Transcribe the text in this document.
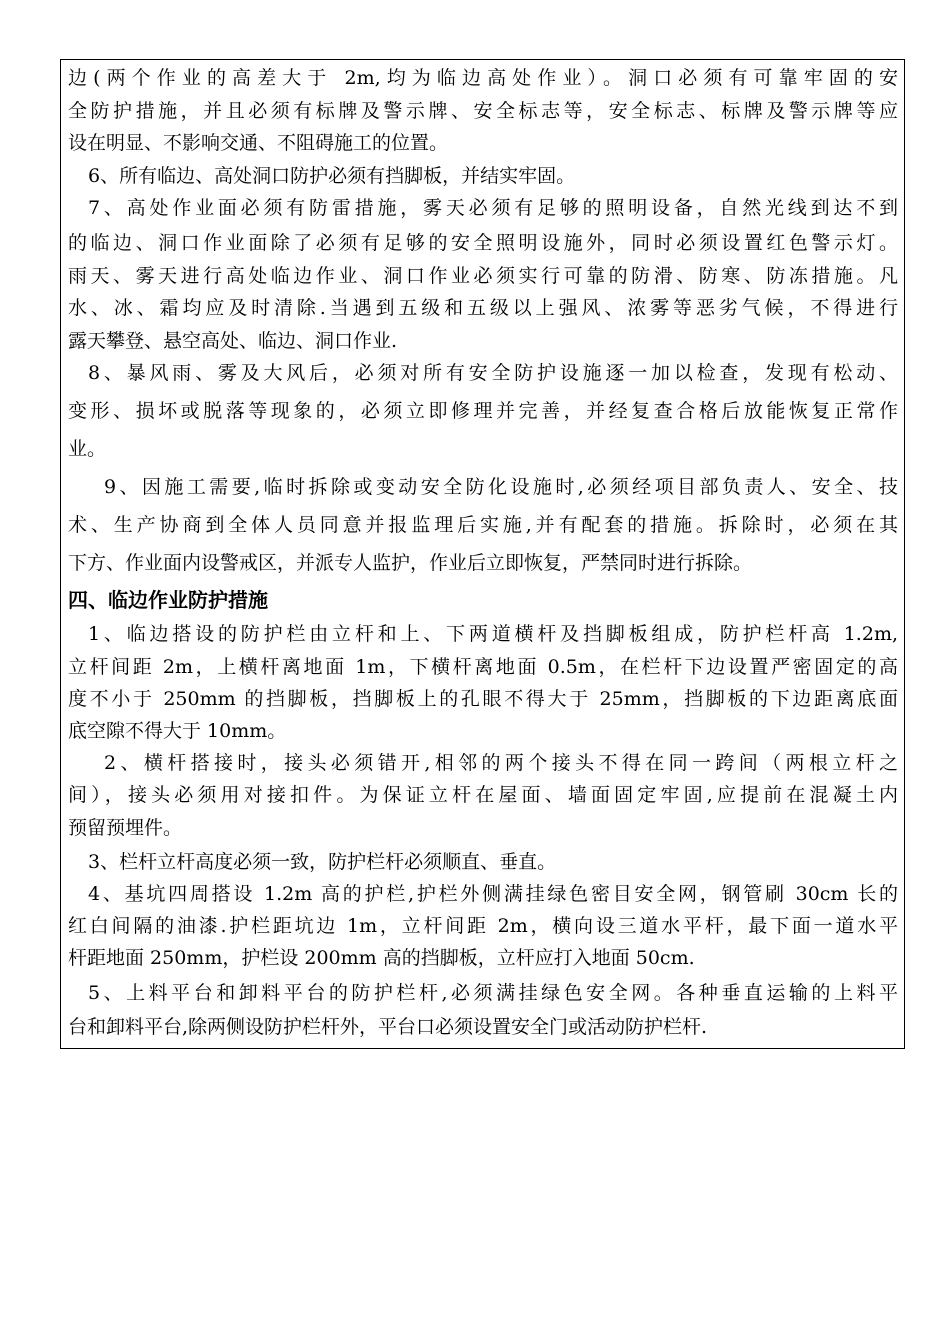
边(两个作业的高差大于 2m,均为临边高处作业）。洞口必须有可靠牢固的安
全防护措施，并且必须有标牌及警示牌、安全标志等，安全标志、标牌及警示牌等应
设在明显、不影响交通、不阻碍施工的位置。
6、所有临边、高处洞口防护必须有挡脚板，并结实牢固。
7、高处作业面必须有防雷措施，雾天必须有足够的照明设备，自然光线到达不到
的临边、洞口作业面除了必须有足够的安全照明设施外，同时必须设置红色警示灯。
雨天、雾天进行高处临边作业、洞口作业必须实行可靠的防滑、防寒、防冻措施。凡
水、冰、霜均应及时清除.当遇到五级和五级以上强风、浓雾等恶劣气候，不得进行
露天攀登、悬空高处、临边、洞口作业.
8、暴风雨、雾及大风后，必须对所有安全防护设施逐一加以检查，发现有松动、
变形、损坏或脱落等现象的，必须立即修理并完善，并经复查合格后放能恢复正常作
业。
9、因施工需要,临时拆除或变动安全防化设施时,必须经项目部负责人、安全、技
术、生产协商到全体人员同意并报监理后实施,并有配套的措施。拆除时，必须在其
下方、作业面内设警戒区，并派专人监护，作业后立即恢复，严禁同时进行拆除。
四、临边作业防护措施
1、临边搭设的防护栏由立杆和上、下两道横杆及挡脚板组成，防护栏杆高 1.2m,
立杆间距 2m，上横杆离地面 1m，下横杆离地面 0.5m，在栏杆下边设置严密固定的高
度不小于 250mm 的挡脚板，挡脚板上的孔眼不得大于 25mm，挡脚板的下边距离底面
底空隙不得大于 10mm。
2、横杆搭接时，接头必须错开,相邻的两个接头不得在同一跨间（两根立杆之
间），接头必须用对接扣件。为保证立杆在屋面、墙面固定牢固,应提前在混凝土内
预留预埋件。
3、栏杆立杆高度必须一致，防护栏杆必须顺直、垂直。
4、基坑四周搭设 1.2m 高的护栏,护栏外侧满挂绿色密目安全网，钢管刷 30cm 长的
红白间隔的油漆.护栏距坑边 1m，立杆间距 2m，横向设三道水平杆，最下面一道水平
杆距地面 250mm，护栏设 200mm 高的挡脚板，立杆应打入地面 50cm.
5、上料平台和卸料平台的防护栏杆,必须满挂绿色安全网。各种垂直运输的上料平
台和卸料平台,除两侧设防护栏杆外，平台口必须设置安全门或活动防护栏杆.
